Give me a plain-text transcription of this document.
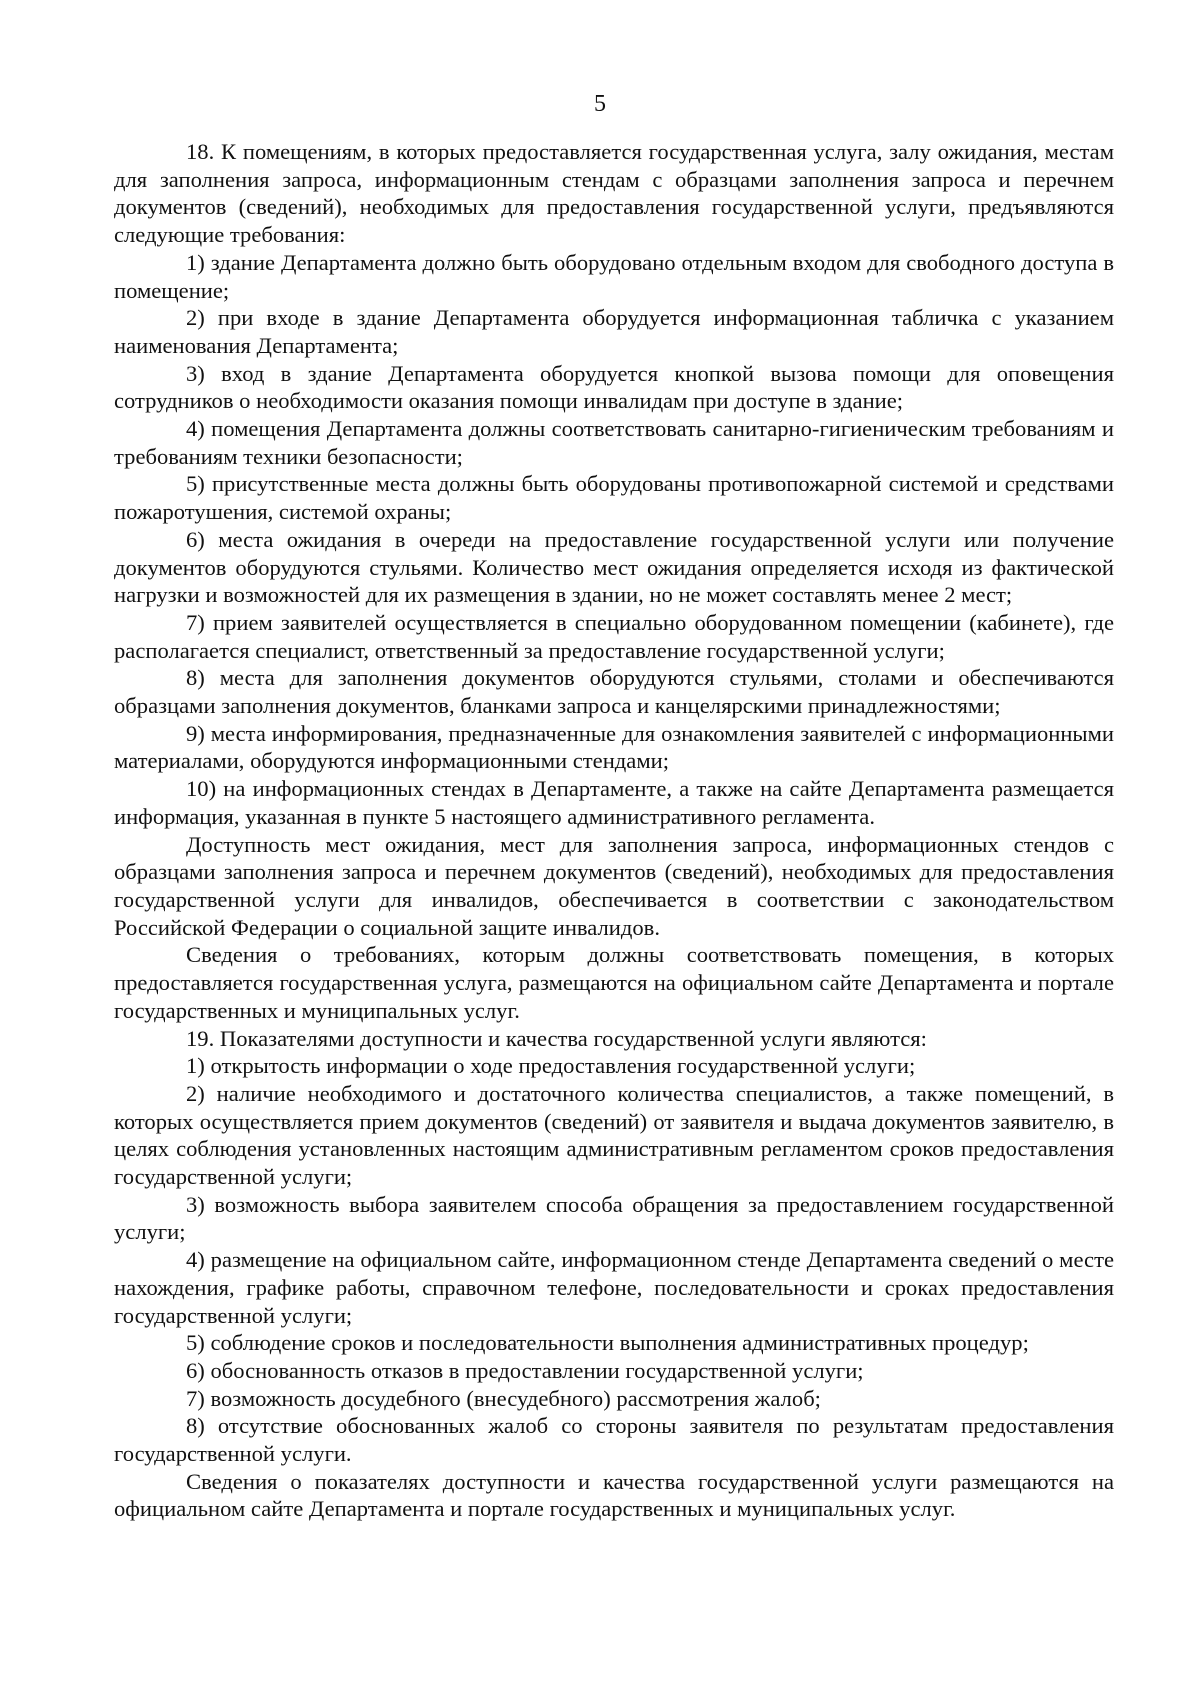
5

18. К помещениям, в которых предоставляется государственная услуга, залу ожидания, местам для заполнения запроса, информационным стендам с образцами заполнения запроса и перечнем документов (сведений), необходимых для предоставления государственной услуги, предъявляются следующие требования:

1) здание Департамента должно быть оборудовано отдельным входом для свободного доступа в помещение;

2) при входе в здание Департамента оборудуется информационная табличка с указанием наименования Департамента;

3) вход в здание Департамента оборудуется кнопкой вызова помощи для оповещения сотрудников о необходимости оказания помощи инвалидам при доступе в здание;

4) помещения Департамента должны соответствовать санитарно-гигиеническим требованиям и требованиям техники безопасности;

5) присутственные места должны быть оборудованы противопожарной системой и средствами пожаротушения, системой охраны;

6) места ожидания в очереди на предоставление государственной услуги или получение документов оборудуются стульями. Количество мест ожидания определяется исходя из фактической нагрузки и возможностей для их размещения в здании, но не может составлять менее 2 мест;

7) прием заявителей осуществляется в специально оборудованном помещении (кабинете), где располагается специалист, ответственный за предоставление государственной услуги;

8) места для заполнения документов оборудуются стульями, столами и обеспечиваются образцами заполнения документов, бланками запроса и канцелярскими принадлежностями;

9) места информирования, предназначенные для ознакомления заявителей с информационными материалами, оборудуются информационными стендами;

10) на информационных стендах в Департаменте, а также на сайте Департамента размещается информация, указанная в пункте 5 настоящего административного регламента.

Доступность мест ожидания, мест для заполнения запроса, информационных стендов с образцами заполнения запроса и перечнем документов (сведений), необходимых для предоставления государственной услуги для инвалидов, обеспечивается в соответствии с законодательством Российской Федерации о социальной защите инвалидов.

Сведения о требованиях, которым должны соответствовать помещения, в которых предоставляется государственная услуга, размещаются на официальном сайте Департамента и портале государственных и муниципальных услуг.

19. Показателями доступности и качества государственной услуги являются:

1) открытость информации о ходе предоставления государственной услуги;

2) наличие необходимого и достаточного количества специалистов, а также помещений, в которых осуществляется прием документов (сведений) от заявителя и выдача документов заявителю, в целях соблюдения установленных настоящим административным регламентом сроков предоставления государственной услуги;

3) возможность выбора заявителем способа обращения за предоставлением государственной услуги;

4) размещение на официальном сайте, информационном стенде Департамента сведений о месте нахождения, графике работы, справочном телефоне, последовательности и сроках предоставления государственной услуги;

5) соблюдение сроков и последовательности выполнения административных процедур;

6) обоснованность отказов в предоставлении государственной услуги;

7) возможность досудебного (внесудебного) рассмотрения жалоб;

8) отсутствие обоснованных жалоб со стороны заявителя по результатам предоставления государственной услуги.

Сведения о показателях доступности и качества государственной услуги размещаются на официальном сайте Департамента и портале государственных и муниципальных услуг.
